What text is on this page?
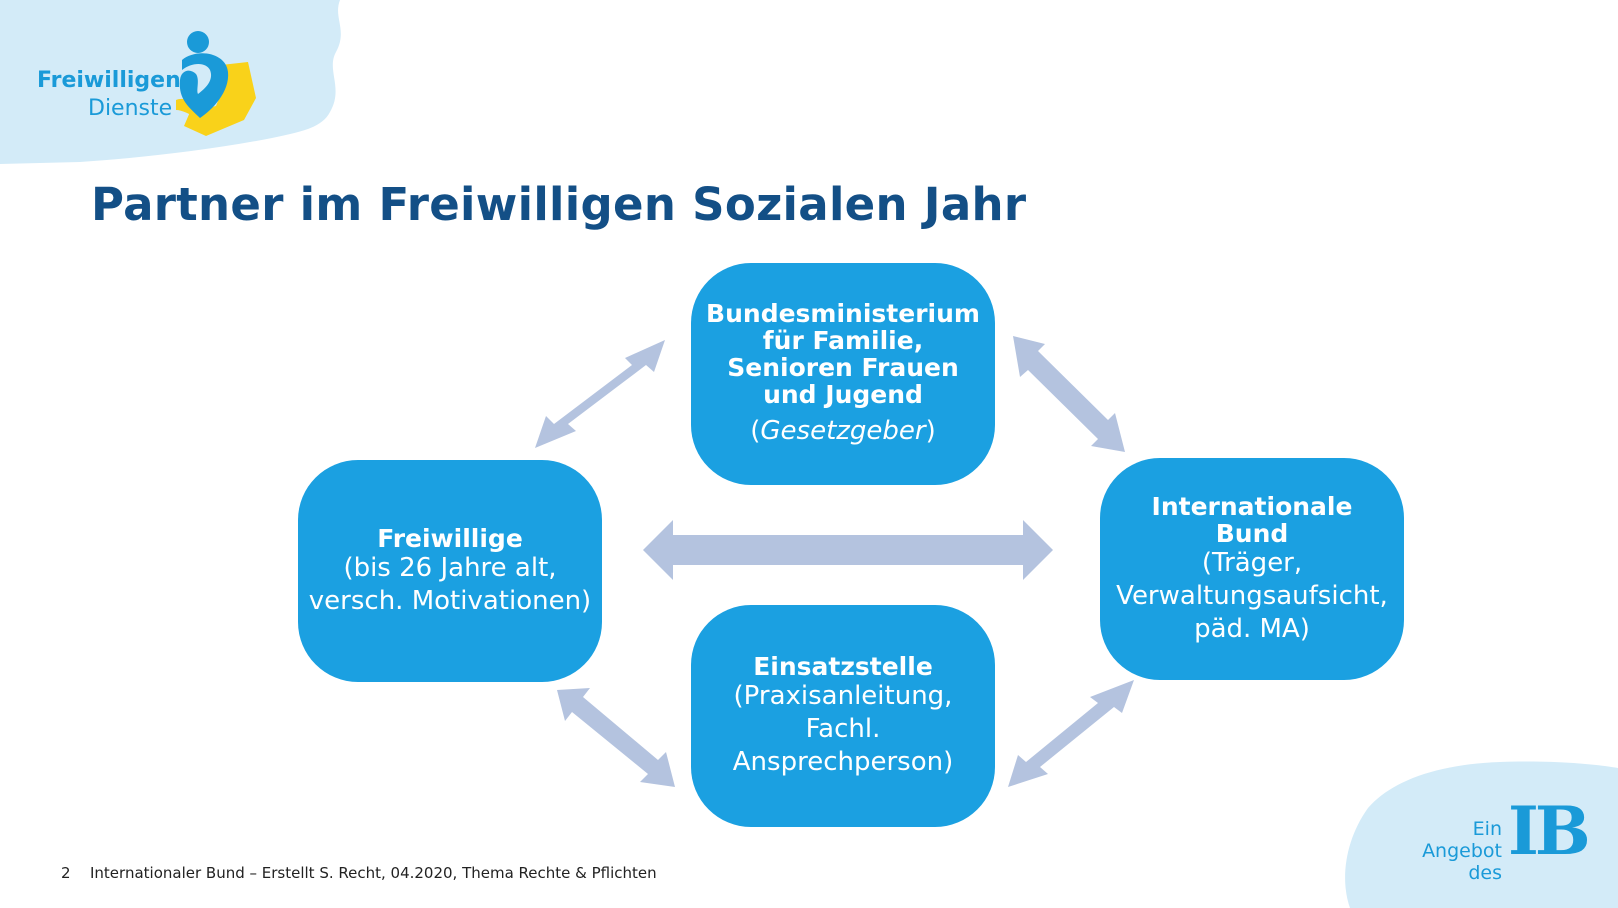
Freiwilligen
Dienste
Partner im Freiwilligen Sozialen Jahr
Bundesministerium für Familie, Senioren Frauen und Jugend
(Gesetzgeber)
Freiwillige
(bis 26 Jahre alt, versch. Motivationen)
Internationale Bund
(Träger, Verwaltungsaufsicht, päd. MA)
Einsatzstelle
(Praxisanleitung, Fachl. Ansprechperson)
2 Internationaler Bund – Erstellt S. Recht, 04.2020, Thema Rechte & Pflichten
Ein
Angebot
des
IB
